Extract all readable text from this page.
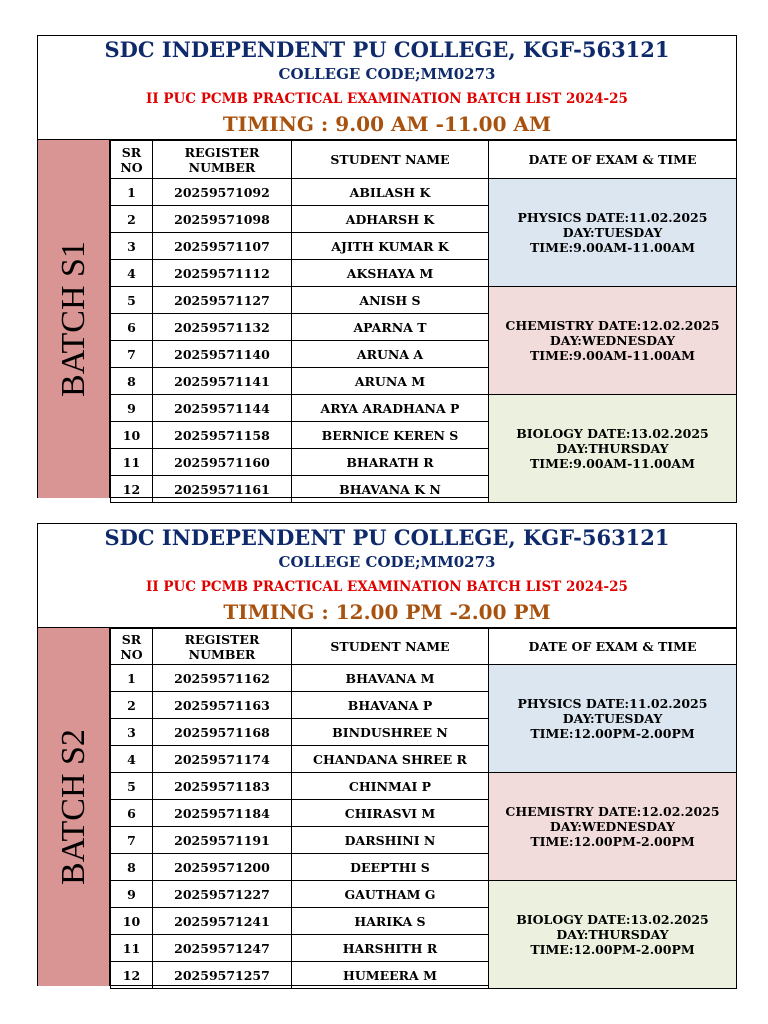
SDC INDEPENDENT PU COLLEGE, KGF-563121
COLLEGE CODE;MM0273
II PUC PCMB PRACTICAL EXAMINATION BATCH LIST 2024-25
TIMING : 9.00 AM -11.00 AM
BATCH S1
SR NO	REGISTER NUMBER	STUDENT NAME	DATE OF EXAM & TIME
1	20259571092	ABILASH K	PHYSICS DATE:11.02.2025
DAY:TUESDAY
TIME:9.00AM-11.00AM

2	20259571098	ADHARSH K	
3	20259571107	AJITH KUMAR K	
4	20259571112	AKSHAYA M	
5	20259571127	ANISH S	CHEMISTRY DATE:12.02.2025
DAY:WEDNESDAY
TIME:9.00AM-11.00AM

6	20259571132	APARNA T	
7	20259571140	ARUNA A	
8	20259571141	ARUNA M	
9	20259571144	ARYA ARADHANA P	BIOLOGY DATE:13.02.2025
DAY:THURSDAY
TIME:9.00AM-11.00AM

10	20259571158	BERNICE KEREN S	
11	20259571160	BHARATH R	
12	20259571161	BHAVANA K N	
SDC INDEPENDENT PU COLLEGE, KGF-563121
COLLEGE CODE;MM0273
II PUC PCMB PRACTICAL EXAMINATION BATCH LIST 2024-25
TIMING : 12.00 PM -2.00 PM
BATCH S2
SR NO	REGISTER NUMBER	STUDENT NAME	DATE OF EXAM & TIME
1	20259571162	BHAVANA M	PHYSICS DATE:11.02.2025
DAY:TUESDAY
TIME:12.00PM-2.00PM

2	20259571163	BHAVANA P	
3	20259571168	BINDUSHREE N	
4	20259571174	CHANDANA SHREE R	
5	20259571183	CHINMAI P	CHEMISTRY DATE:12.02.2025
DAY:WEDNESDAY
TIME:12.00PM-2.00PM

6	20259571184	CHIRASVI M	
7	20259571191	DARSHINI N	
8	20259571200	DEEPTHI S	
9	20259571227	GAUTHAM G	BIOLOGY DATE:13.02.2025
DAY:THURSDAY
TIME:12.00PM-2.00PM

10	20259571241	HARIKA S	
11	20259571247	HARSHITH R	
12	20259571257	HUMEERA M	
